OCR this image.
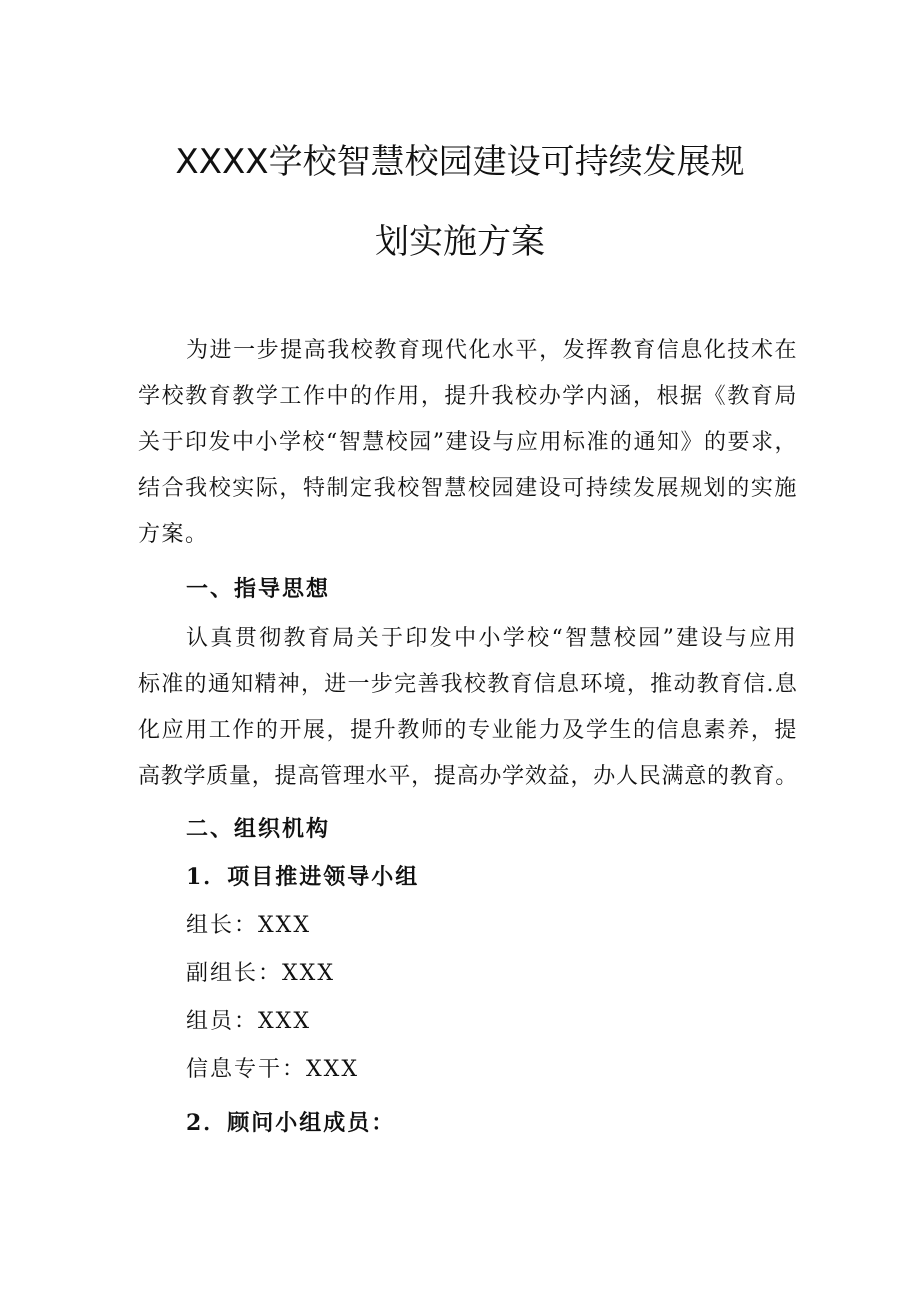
XXXX学校智慧校园建设可持续发展规
划实施方案
为进一步提高我校教育现代化水平，发挥教育信息化技术在
学校教育教学工作中的作用，提升我校办学内涵，根据《教育局
关于印发中小学校“智慧校园”建设与应用标准的通知》的要求，
结合我校实际，特制定我校智慧校园建设可持续发展规划的实施
方案。
一、指导思想
认真贯彻教育局关于印发中小学校“智慧校园”建设与应用
标准的通知精神，进一步完善我校教育信息环境，推动教育信.息
化应用工作的开展，提升教师的专业能力及学生的信息素养，提
高教学质量，提高管理水平，提高办学效益，办人民满意的教育。
二、组织机构
1．项目推进领导小组
组长：XXX
副组长：XXX
组员：XXX
信息专干：XXX
2．顾问小组成员：
